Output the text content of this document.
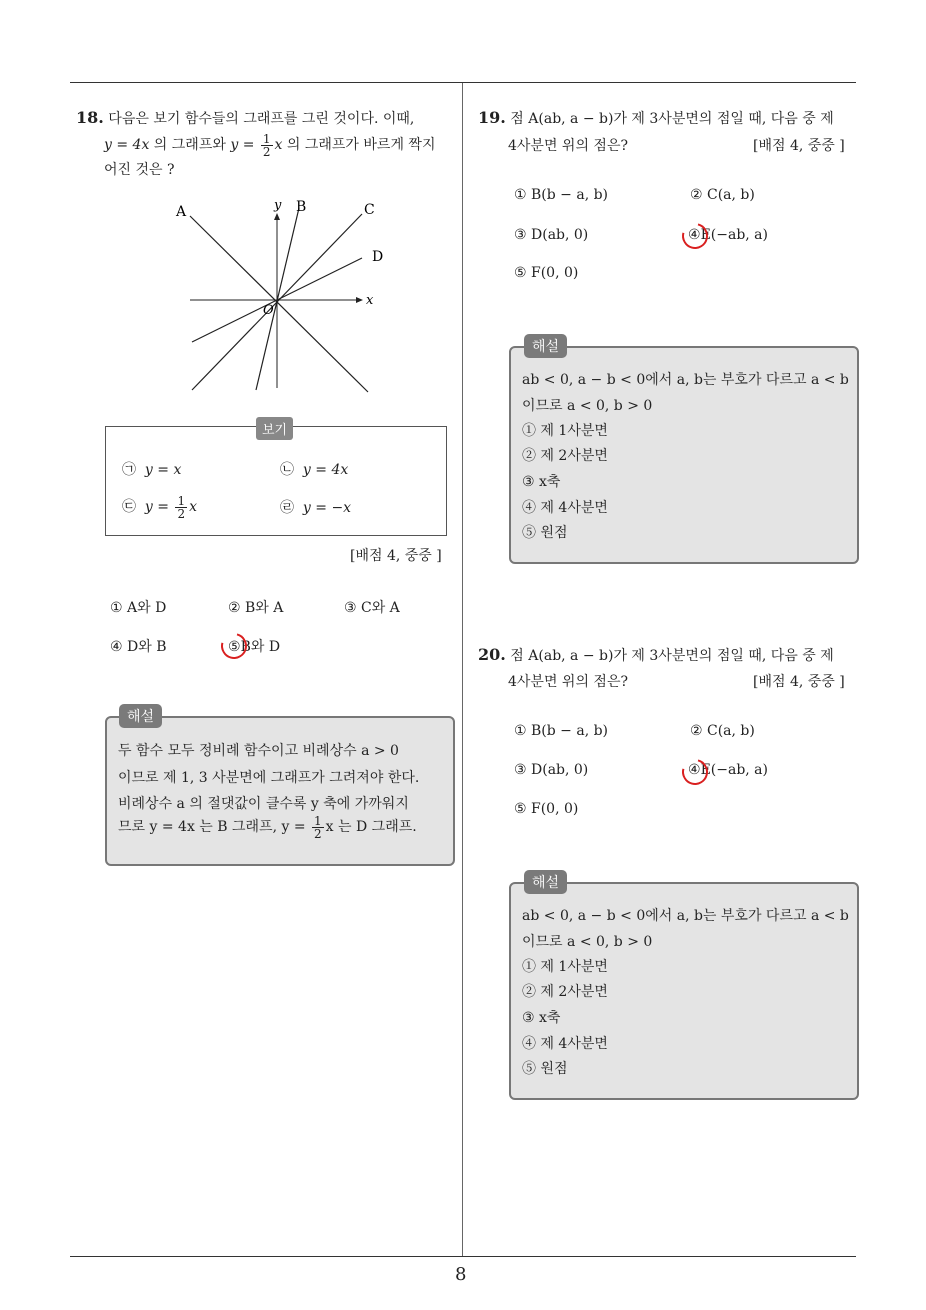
8
18. 다음은 보기 함수들의 그래프를 그린 것이다. 이때,
y = 4x 의 그래프와 $y = \frac{1}{2}$ x 의 그래프가 바르게 짝지
어진 것은 ?
A	y B	C
D
x
O
보기
㉠ y = x	㉡ y = 4x
㉢ $y = \frac{1}{2}$ x	㉣ y = −x
[배점 4, 중중 ]
① A와 D	② B와 A	③ C와 A
④ D와 B	⑤B와 D
해설
두 함수 모두 정비례 함수이고 비례상수 a > 0
이므로 제 1, 3 사분면에 그래프가 그려져야 한다.
비례상수 a 의 절댓값이 클수록 y 축에 가까워지
므로 y = 4x 는 B 그래프, $y = \frac{1}{2}$ x 는 D 그래프.
19. 점 A(ab, a − b)가 제 3사분면의 점일 때, 다음 중 제
4사분면 위의 점은?	[배점 4, 중중 ]
① B(b − a, b)	② C(a, b)
③ D(ab, 0)	④E(−ab, a)
⑤ F(0, 0)
해설
ab < 0, a − b < 0에서 a, b는 부호가 다르고 a < b
이므로 a < 0, b > 0
① 제 1사분면
② 제 2사분면
③ x축
④ 제 4사분면
⑤ 원점
20. 점 A(ab, a − b)가 제 3사분면의 점일 때, 다음 중 제
4사분면 위의 점은?	[배점 4, 중중 ]
① B(b − a, b)	② C(a, b)
③ D(ab, 0)	④E(−ab, a)
⑤ F(0, 0)
해설
ab < 0, a − b < 0에서 a, b는 부호가 다르고 a < b
이므로 a < 0, b > 0
① 제 1사분면
② 제 2사분면
③ x축
④ 제 4사분면
⑤ 원점
